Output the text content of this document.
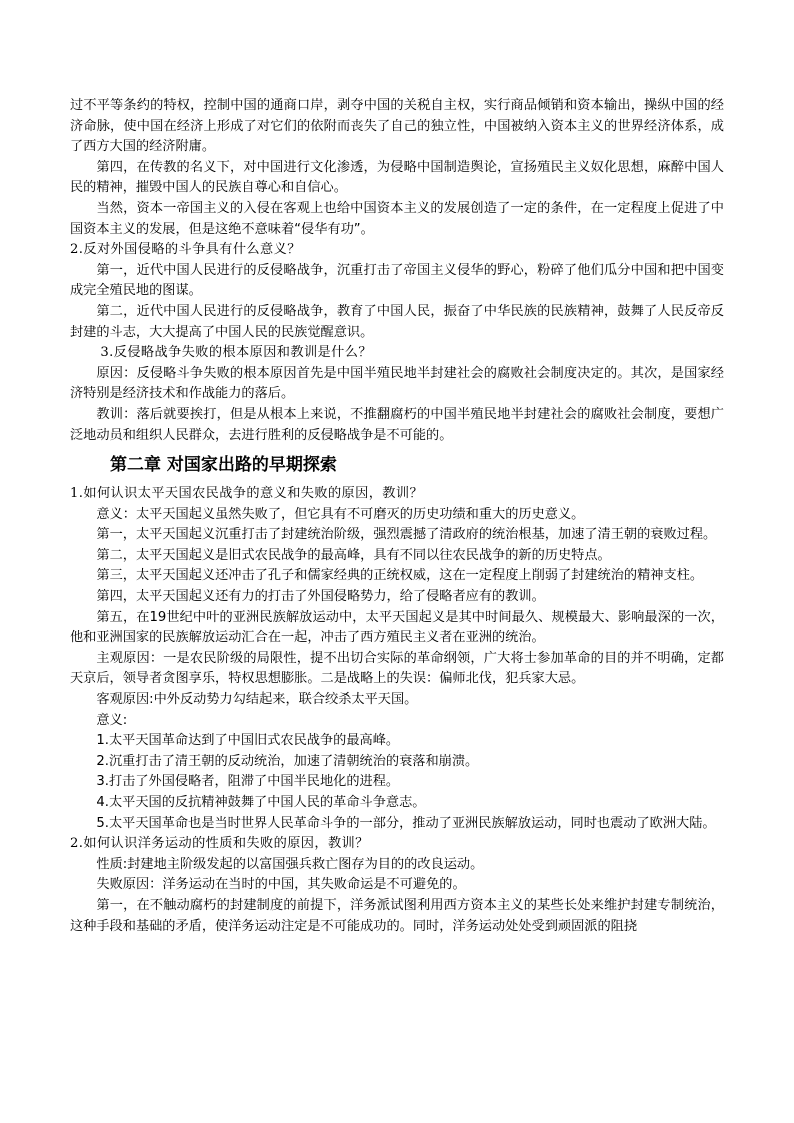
过不平等条约的特权，控制中国的通商口岸，剥夺中国的关税自主权，实行商品倾销和资本输出，操纵中国的经济命脉，使中国在经济上形成了对它们的依附而丧失了自己的独立性，中国被纳入资本主义的世界经济体系，成了西方大国的经济附庸。

第四，在传教的名义下，对中国进行文化渗透，为侵略中国制造舆论，宣扬殖民主义奴化思想，麻醉中国人民的精神，摧毁中国人的民族自尊心和自信心。

当然，资本一帝国主义的入侵在客观上也给中国资本主义的发展创造了一定的条件，在一定程度上促进了中国资本主义的发展，但是这绝不意味着“侵华有功”。

2.反对外国侵略的斗争具有什么意义？

第一，近代中国人民进行的反侵略战争，沉重打击了帝国主义侵华的野心，粉碎了他们瓜分中国和把中国变成完全殖民地的图谋。

第二，近代中国人民进行的反侵略战争，教育了中国人民，振奋了中华民族的民族精神，鼓舞了人民反帝反封建的斗志，大大提高了中国人民的民族觉醒意识。

3.反侵略战争失败的根本原因和教训是什么？

原因：反侵略斗争失败的根本原因首先是中国半殖民地半封建社会的腐败社会制度决定的。其次，是国家经济特别是经济技术和作战能力的落后。

教训：落后就要挨打，但是从根本上来说，不推翻腐朽的中国半殖民地半封建社会的腐败社会制度，要想广泛地动员和组织人民群众，去进行胜利的反侵略战争是不可能的。

第二章 对国家出路的早期探索

1.如何认识太平天国农民战争的意义和失败的原因，教训？

意义：太平天国起义虽然失败了，但它具有不可磨灭的历史功绩和重大的历史意义。

第一，太平天国起义沉重打击了封建统治阶级，强烈震撼了清政府的统治根基，加速了清王朝的衰败过程。

第二，太平天国起义是旧式农民战争的最高峰，具有不同以往农民战争的新的历史特点。

第三，太平天国起义还冲击了孔子和儒家经典的正统权威，这在一定程度上削弱了封建统治的精神支柱。

第四，太平天国起义还有力的打击了外国侵略势力，给了侵略者应有的教训。

第五，在19世纪中叶的亚洲民族解放运动中，太平天国起义是其中时间最久、规模最大、影响最深的一次，他和亚洲国家的民族解放运动汇合在一起，冲击了西方殖民主义者在亚洲的统治。

主观原因：一是农民阶级的局限性，提不出切合实际的革命纲领，广大将士参加革命的目的并不明确，定都天京后，领导者贪图享乐，特权思想膨胀。二是战略上的失误：偏师北伐，犯兵家大忌。

客观原因:中外反动势力勾结起来，联合绞杀太平天国。

意义:

1.太平天国革命达到了中国旧式农民战争的最高峰。

2.沉重打击了清王朝的反动统治，加速了清朝统治的衰落和崩溃。

3.打击了外国侵略者，阻滞了中国半民地化的进程。

4.太平天国的反抗精神鼓舞了中国人民的革命斗争意志。

5.太平天国革命也是当时世界人民革命斗争的一部分，推动了亚洲民族解放运动，同时也震动了欧洲大陆。

2.如何认识洋务运动的性质和失败的原因，教训？

性质:封建地主阶级发起的以富国强兵救亡图存为目的的改良运动。

失败原因：洋务运动在当时的中国，其失败命运是不可避免的。

第一，在不触动腐朽的封建制度的前提下，洋务派试图利用西方资本主义的某些长处来维护封建专制统治，这种手段和基础的矛盾，使洋务运动注定是不可能成功的。同时，洋务运动处处受到顽固派的阻挠
